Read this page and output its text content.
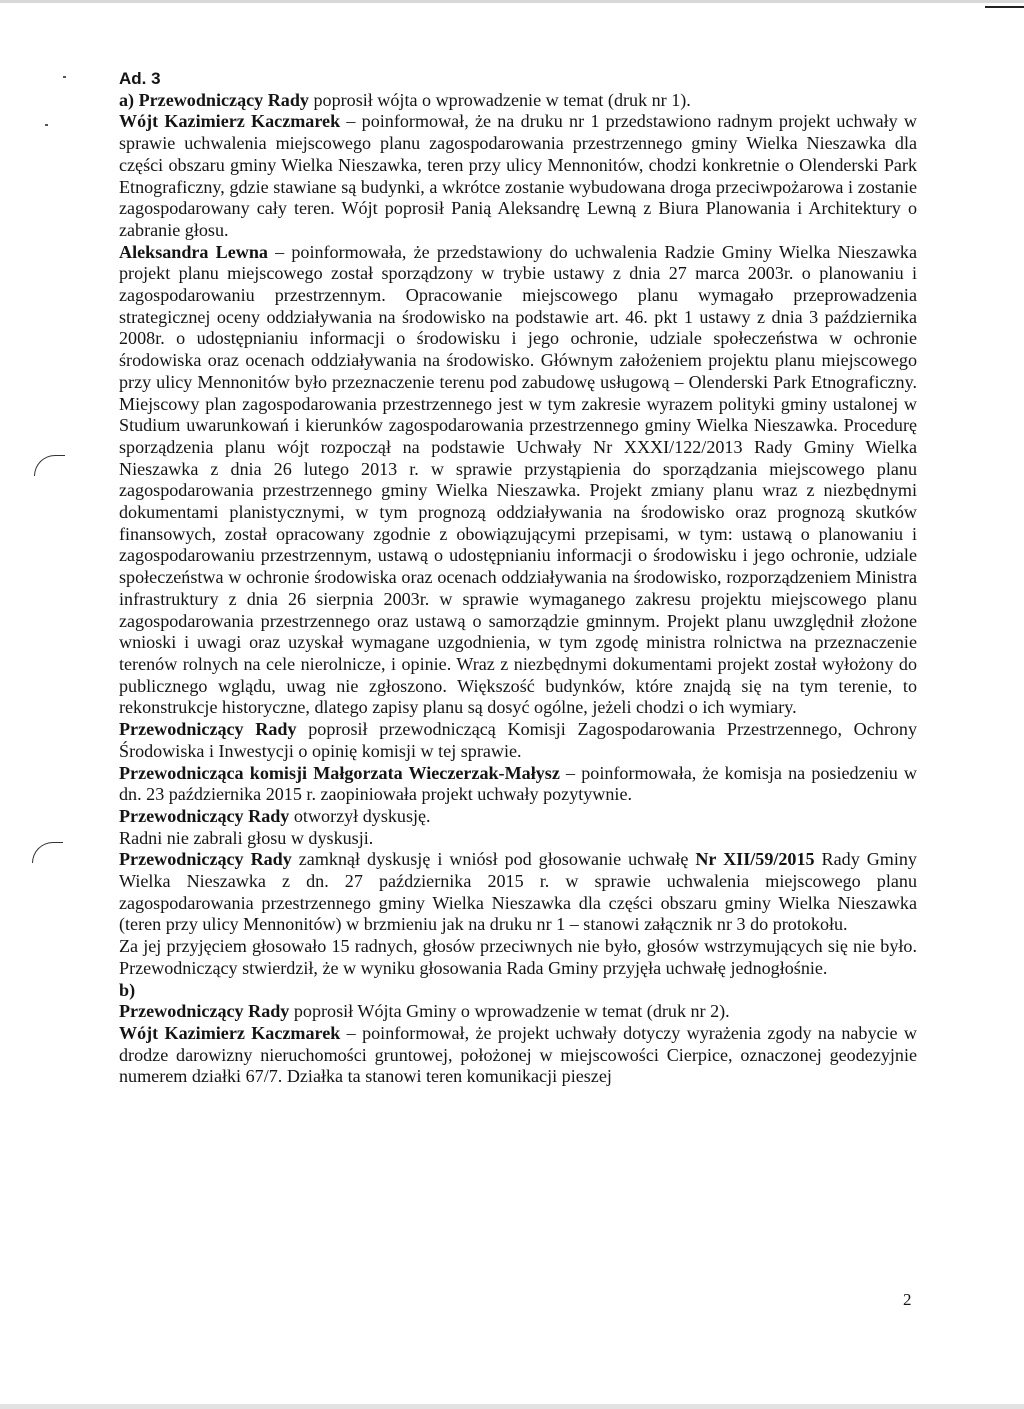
Ad. 3

a) Przewodniczący Rady poprosił wójta o wprowadzenie w temat (druk nr 1).

Wójt Kazimierz Kaczmarek – poinformował, że na druku nr 1 przedstawiono radnym projekt uchwały w sprawie uchwalenia miejscowego planu zagospodarowania przestrzennego gminy Wielka Nieszawka dla części obszaru gminy Wielka Nieszawka, teren przy ulicy Mennonitów, chodzi konkretnie o Olenderski Park Etnograficzny, gdzie stawiane są budynki, a wkrótce zostanie wybudowana droga przeciwpożarowa i zostanie zagospodarowany cały teren. Wójt poprosił Panią Aleksandrę Lewną z Biura Planowania i Architektury o zabranie głosu.

Aleksandra Lewna – poinformowała, że przedstawiony do uchwalenia Radzie Gminy Wielka Nieszawka projekt planu miejscowego został sporządzony w trybie ustawy z dnia 27 marca 2003r. o planowaniu i zagospodarowaniu przestrzennym. Opracowanie miejscowego planu wymagało przeprowadzenia strategicznej oceny oddziaływania na środowisko na podstawie art. 46. pkt 1 ustawy z dnia 3 października 2008r. o udostępnianiu informacji o środowisku i jego ochronie, udziale społeczeństwa w ochronie środowiska oraz ocenach oddziaływania na środowisko. Głównym założeniem projektu planu miejscowego przy ulicy Mennonitów było przeznaczenie terenu pod zabudowę usługową – Olenderski Park Etnograficzny. Miejscowy plan zagospodarowania przestrzennego jest w tym zakresie wyrazem polityki gminy ustalonej w Studium uwarunkowań i kierunków zagospodarowania przestrzennego gminy Wielka Nieszawka. Procedurę sporządzenia planu wójt rozpoczął na podstawie Uchwały Nr XXXI/122/2013 Rady Gminy Wielka Nieszawka z dnia 26 lutego 2013 r. w sprawie przystąpienia do sporządzania miejscowego planu zagospodarowania przestrzennego gminy Wielka Nieszawka. Projekt zmiany planu wraz z niezbędnymi dokumentami planistycznymi, w tym prognozą oddziaływania na środowisko oraz prognozą skutków finansowych, został opracowany zgodnie z obowiązującymi przepisami, w tym: ustawą o planowaniu i zagospodarowaniu przestrzennym, ustawą o udostępnianiu informacji o środowisku i jego ochronie, udziale społeczeństwa w ochronie środowiska oraz ocenach oddziaływania na środowisko, rozporządzeniem Ministra infrastruktury z dnia 26 sierpnia 2003r. w sprawie wymaganego zakresu projektu miejscowego planu zagospodarowania przestrzennego oraz ustawą o samorządzie gminnym. Projekt planu uwzględnił złożone wnioski i uwagi oraz uzyskał wymagane uzgodnienia, w tym zgodę ministra rolnictwa na przeznaczenie terenów rolnych na cele nierolnicze, i opinie. Wraz z niezbędnymi dokumentami projekt został wyłożony do publicznego wglądu, uwag nie zgłoszono. Większość budynków, które znajdą się na tym terenie, to rekonstrukcje historyczne, dlatego zapisy planu są dosyć ogólne, jeżeli chodzi o ich wymiary.

Przewodniczący Rady poprosił przewodniczącą Komisji Zagospodarowania Przestrzennego, Ochrony Środowiska i Inwestycji o opinię komisji w tej sprawie.

Przewodnicząca komisji Małgorzata Wieczerzak-Małysz – poinformowała, że komisja na posiedzeniu w dn. 23 października 2015 r. zaopiniowała projekt uchwały pozytywnie.

Przewodniczący Rady otworzył dyskusję.

Radni nie zabrali głosu w dyskusji.

Przewodniczący Rady zamknął dyskusję i wniósł pod głosowanie uchwałę Nr XII/59/2015 Rady Gminy Wielka Nieszawka z dn. 27 października 2015 r. w sprawie uchwalenia miejscowego planu zagospodarowania przestrzennego gminy Wielka Nieszawka dla części obszaru gminy Wielka Nieszawka (teren przy ulicy Mennonitów) w brzmieniu jak na druku nr 1 – stanowi załącznik nr 3 do protokołu.

Za jej przyjęciem głosowało 15 radnych, głosów przeciwnych nie było, głosów wstrzymujących się nie było. Przewodniczący stwierdził, że w wyniku głosowania Rada Gminy przyjęła uchwałę jednogłośnie.

b)

Przewodniczący Rady poprosił Wójta Gminy o wprowadzenie w temat (druk nr 2).

Wójt Kazimierz Kaczmarek – poinformował, że projekt uchwały dotyczy wyrażenia zgody na nabycie w drodze darowizny nieruchomości gruntowej, położonej w miejscowości Cierpice, oznaczonej geodezyjnie numerem działki 67/7. Działka ta stanowi teren komunikacji pieszej

2
